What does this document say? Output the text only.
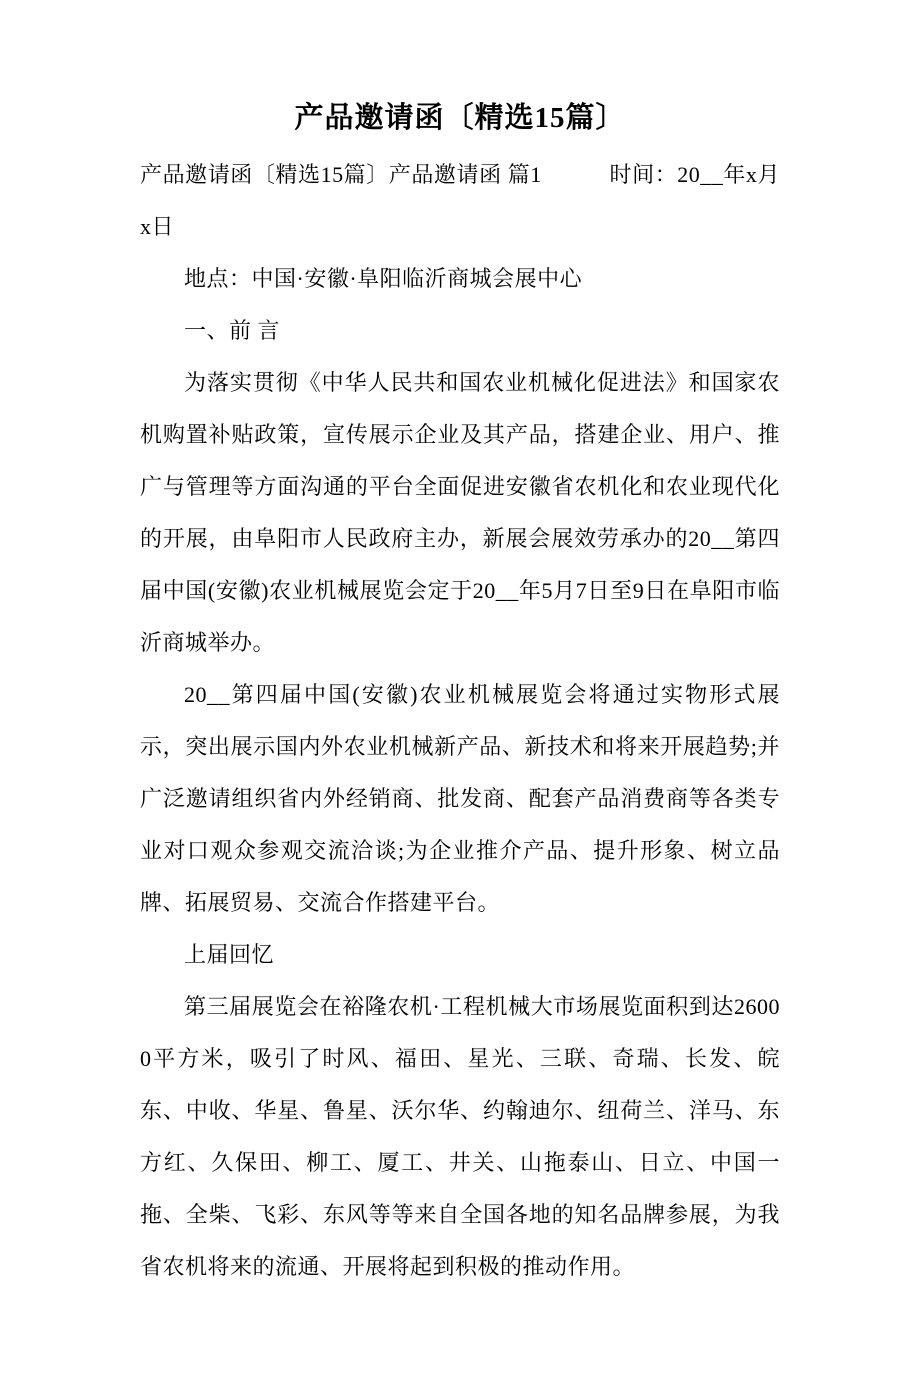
产品邀请函〔精选15篇〕

产品邀请函〔精选15篇〕产品邀请函 篇1　　　时间：20__年x月x日

地点：中国·安徽·阜阳临沂商城会展中心

一、前 言

为落实贯彻《中华人民共和国农业机械化促进法》和国家农机购置补贴政策，宣传展示企业及其产品，搭建企业、用户、推广与管理等方面沟通的平台全面促进安徽省农机化和农业现代化的开展，由阜阳市人民政府主办，新展会展效劳承办的20__第四届中国(安徽)农业机械展览会定于20__年5月7日至9日在阜阳市临沂商城举办。

20__第四届中国(安徽)农业机械展览会将通过实物形式展示，突出展示国内外农业机械新产品、新技术和将来开展趋势;并广泛邀请组织省内外经销商、批发商、配套产品消费商等各类专业对口观众参观交流洽谈;为企业推介产品、提升形象、树立品牌、拓展贸易、交流合作搭建平台。

上届回忆

第三届展览会在裕隆农机·工程机械大市场展览面积到达26000平方米，吸引了时风、福田、星光、三联、奇瑞、长发、皖东、中收、华星、鲁星、沃尔华、约翰迪尔、纽荷兰、洋马、东方红、久保田、柳工、厦工、井关、山拖泰山、日立、中国一拖、全柴、飞彩、东风等等来自全国各地的知名品牌参展，为我省农机将来的流通、开展将起到积极的推动作用。
